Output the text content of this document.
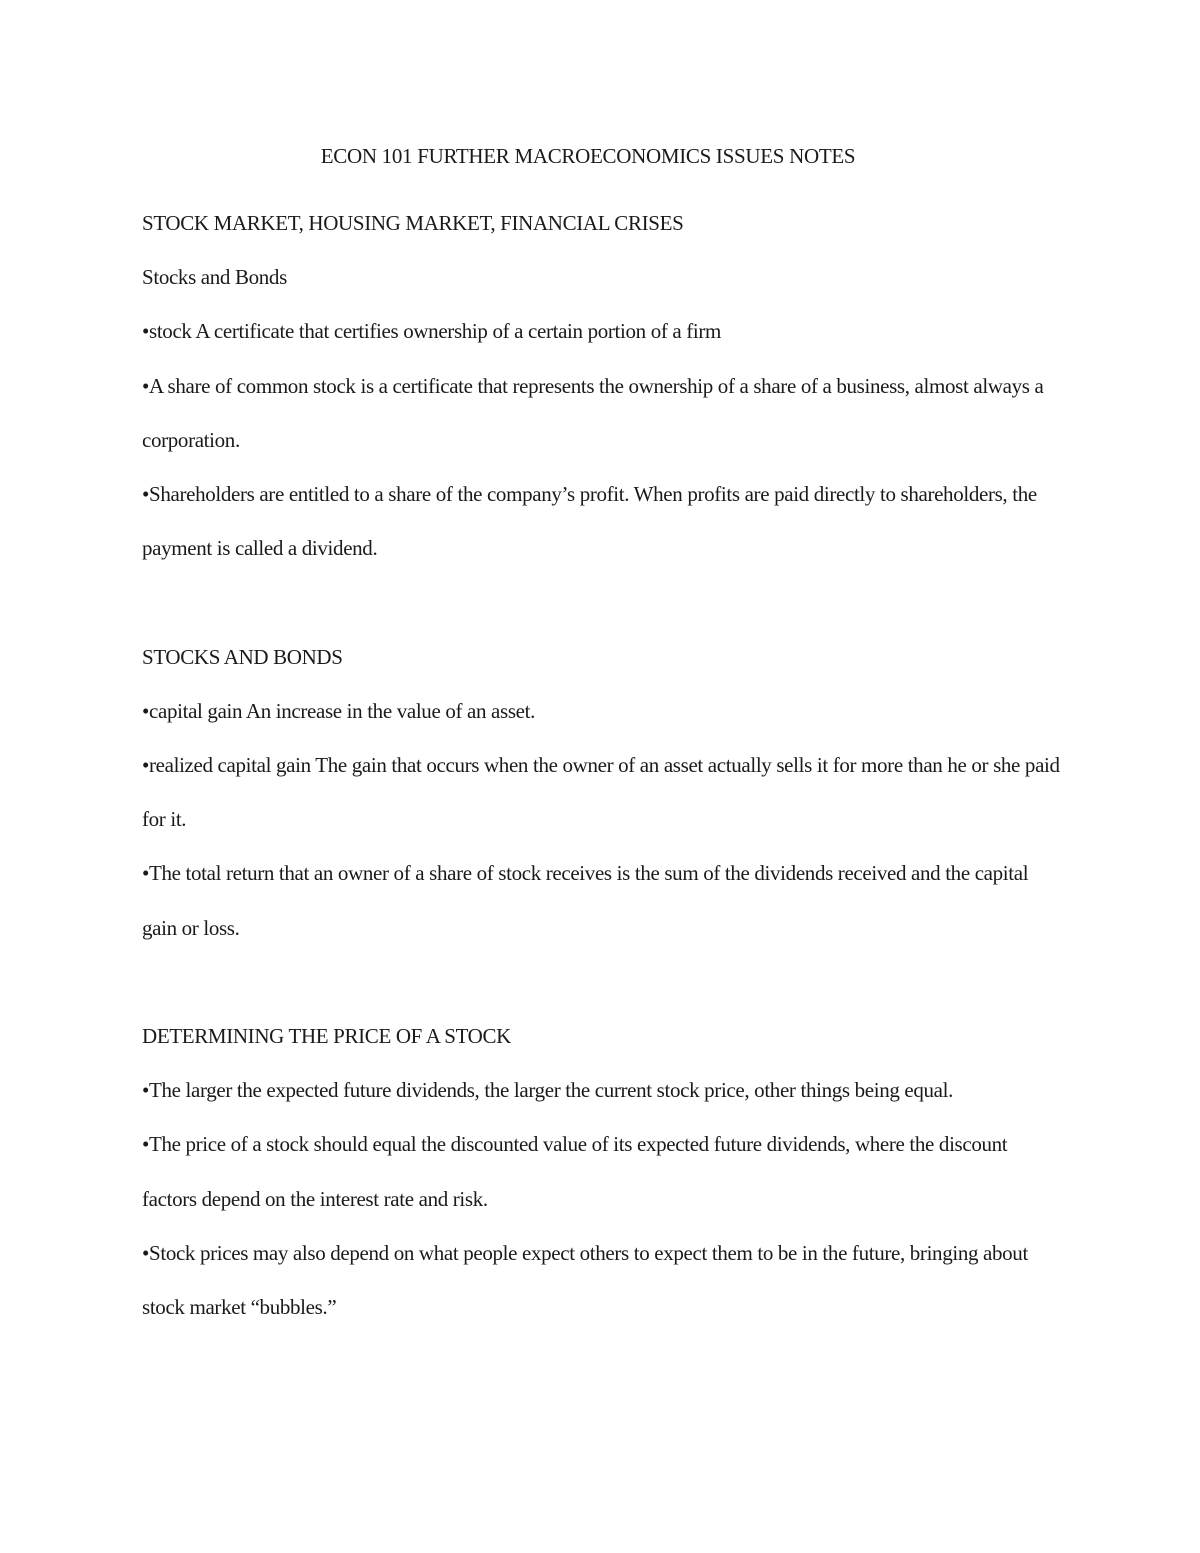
ECON 101 FURTHER MACROECONOMICS ISSUES NOTES

STOCK MARKET, HOUSING MARKET, FINANCIAL CRISES

Stocks and Bonds

•stock A certificate that certifies ownership of a certain portion of a firm

•A share of common stock is a certificate that represents the ownership of a share of a business, almost always a corporation.

•Shareholders are entitled to a share of the company’s profit. When profits are paid directly to shareholders, the payment is called a dividend.

STOCKS AND BONDS

•capital gain An increase in the value of an asset.

•realized capital gain The gain that occurs when the owner of an asset actually sells it for more than he or she paid for it.

•The total return that an owner of a share of stock receives is the sum of the dividends received and the capital gain or loss.

DETERMINING THE PRICE OF A STOCK

•The larger the expected future dividends, the larger the current stock price, other things being equal.

•The price of a stock should equal the discounted value of its expected future dividends, where the discount factors depend on the interest rate and risk.

•Stock prices may also depend on what people expect others to expect them to be in the future, bringing about stock market “bubbles.”
